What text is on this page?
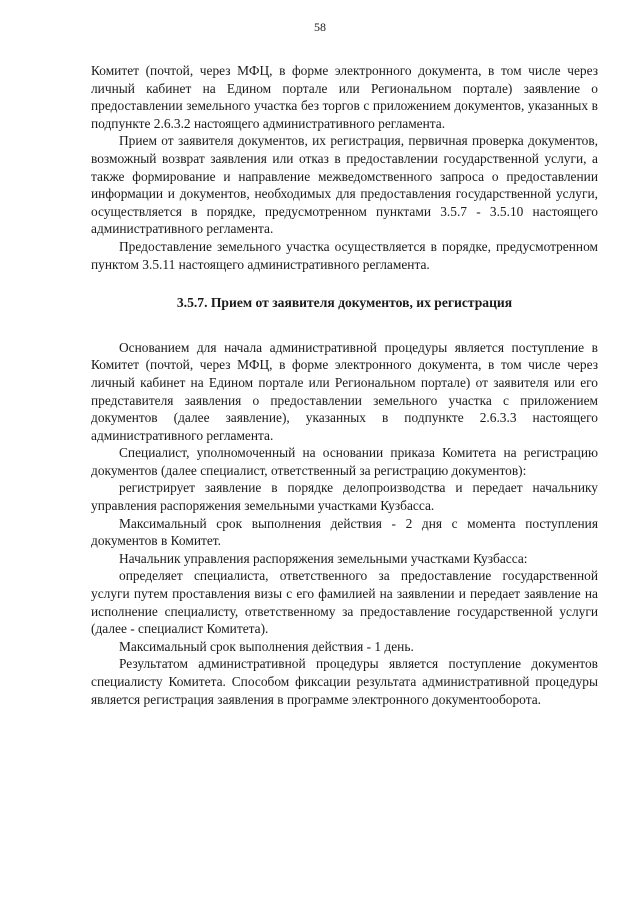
58

Комитет (почтой, через МФЦ, в форме электронного документа, в том числе через личный кабинет на Едином портале или Региональном портале) заявление о предоставлении земельного участка без торгов с приложением документов, указанных в подпункте 2.6.3.2 настоящего административного регламента.

Прием от заявителя документов, их регистрация, первичная проверка документов, возможный возврат заявления или отказ в предоставлении государственной услуги, а также формирование и направление межведомственного запроса о предоставлении информации и документов, необходимых для предоставления государственной услуги, осуществляется в порядке, предусмотренном пунктами 3.5.7 - 3.5.10 настоящего административного регламента.

Предоставление земельного участка осуществляется в порядке, предусмотренном пунктом 3.5.11 настоящего административного регламента.

3.5.7. Прием от заявителя документов, их регистрация

Основанием для начала административной процедуры является поступление в Комитет (почтой, через МФЦ, в форме электронного документа, в том числе через личный кабинет на Едином портале или Региональном портале) от заявителя или его представителя заявления о предоставлении земельного участка с приложением документов (далее заявление), указанных в подпункте 2.6.3.3 настоящего административного регламента.

Специалист, уполномоченный на основании приказа Комитета на регистрацию документов (далее специалист, ответственный за регистрацию документов):

регистрирует заявление в порядке делопроизводства и передает начальнику управления распоряжения земельными участками Кузбасса.

Максимальный срок выполнения действия - 2 дня с момента поступления документов в Комитет.

Начальник управления распоряжения земельными участками Кузбасса:

определяет специалиста, ответственного за предоставление государственной услуги путем проставления визы с его фамилией на заявлении и передает заявление на исполнение специалисту, ответственному за предоставление государственной услуги (далее - специалист Комитета).

Максимальный срок выполнения действия - 1 день.

Результатом административной процедуры является поступление документов специалисту Комитета. Способом фиксации результата административной процедуры является регистрация заявления в программе электронного документооборота.
